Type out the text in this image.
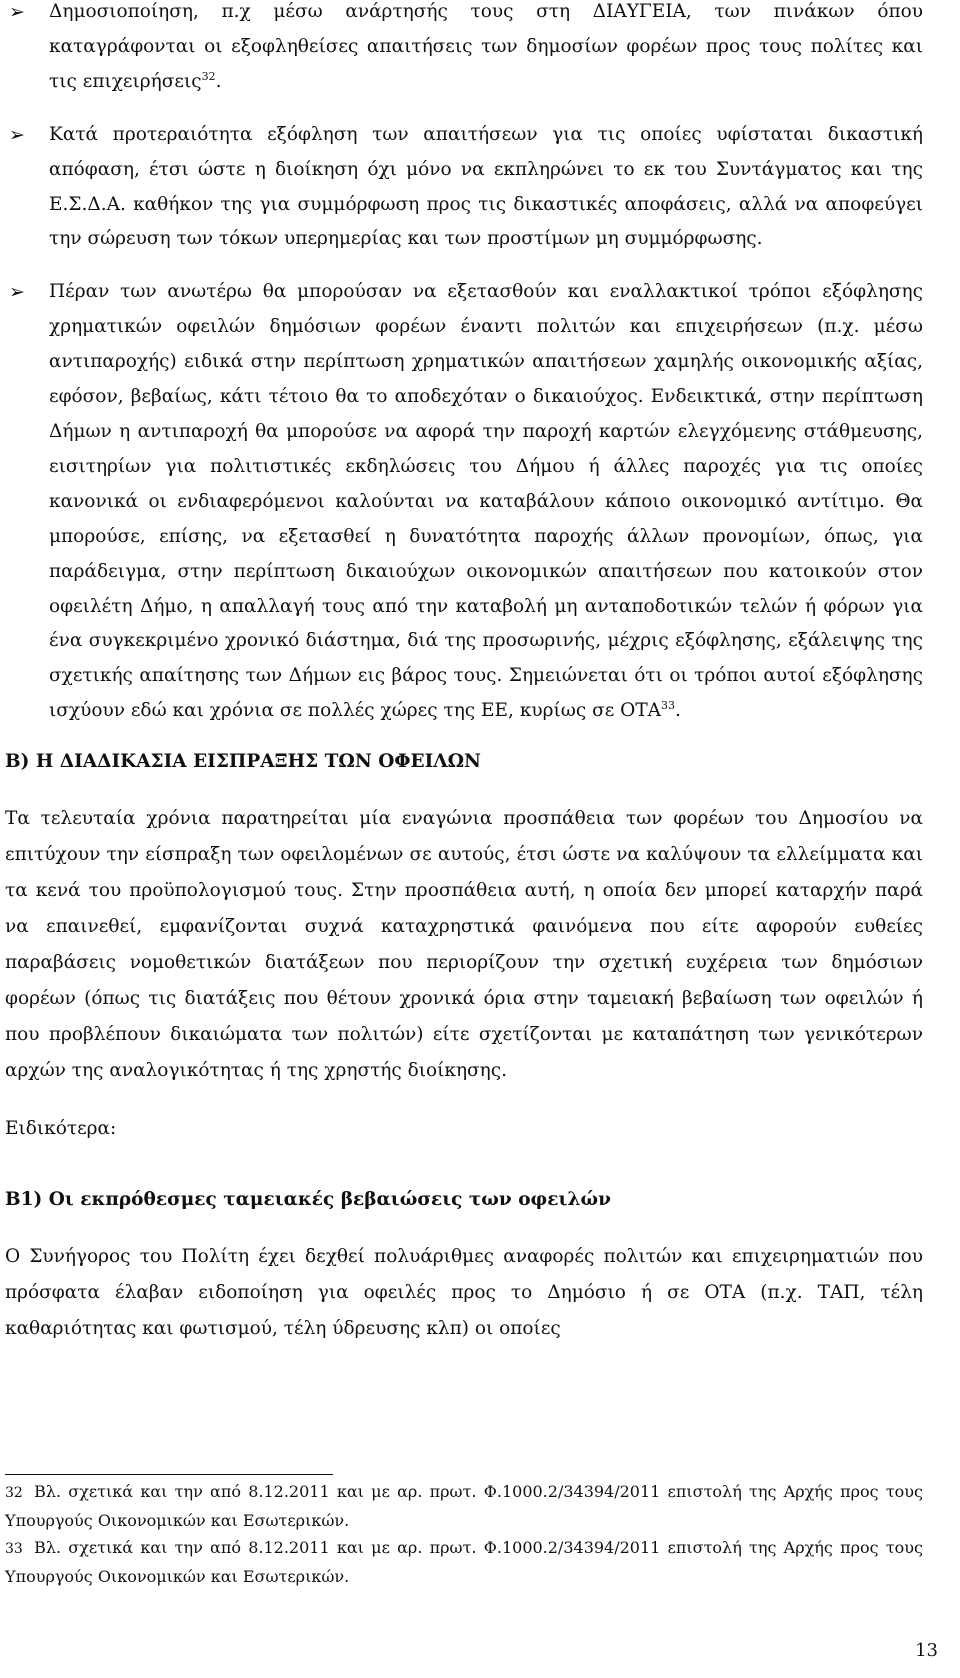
➢ Δημοσιοποίηση, π.χ μέσω ανάρτησής τους στη ΔΙΑΥΓΕΙΑ, των πινάκων όπου καταγράφονται οι εξοφληθείσες απαιτήσεις των δημοσίων φορέων προς τους πολίτες και τις επιχειρήσεις$^{32}$.
➢ Κατά προτεραιότητα εξόφληση των απαιτήσεων για τις οποίες υφίσταται δικαστική απόφαση, έτσι ώστε η διοίκηση όχι μόνο να εκπληρώνει το εκ του Συντάγματος και της Ε.Σ.Δ.Α. καθήκον της για συμμόρφωση προς τις δικαστικές αποφάσεις, αλλά να αποφεύγει την σώρευση των τόκων υπερημερίας και των προστίμων μη συμμόρφωσης.
➢ Πέραν των ανωτέρω θα μπορούσαν να εξετασθούν και εναλλακτικοί τρόποι εξόφλησης χρηματικών οφειλών δημόσιων φορέων έναντι πολιτών και επιχειρήσεων (π.χ. μέσω αντιπαροχής) ειδικά στην περίπτωση χρηματικών απαιτήσεων χαμηλής οικονομικής αξίας, εφόσον, βεβαίως, κάτι τέτοιο θα το αποδεχόταν ο δικαιούχος. Ενδεικτικά, στην περίπτωση Δήμων η αντιπαροχή θα μπορούσε να αφορά την παροχή καρτών ελεγχόμενης στάθμευσης, εισιτηρίων για πολιτιστικές εκδηλώσεις του Δήμου ή άλλες παροχές για τις οποίες κανονικά οι ενδιαφερόμενοι καλούνται να καταβάλουν κάποιο οικονομικό αντίτιμο. Θα μπορούσε, επίσης, να εξετασθεί η δυνατότητα παροχής άλλων προνομίων, όπως, για παράδειγμα, στην περίπτωση δικαιούχων οικονομικών απαιτήσεων που κατοικούν στον οφειλέτη Δήμο, η απαλλαγή τους από την καταβολή μη ανταποδοτικών τελών ή φόρων για ένα συγκεκριμένο χρονικό διάστημα, διά της προσωρινής, μέχρις εξόφλησης, εξάλειψης της σχετικής απαίτησης των Δήμων εις βάρος τους. Σημειώνεται ότι οι τρόποι αυτοί εξόφλησης ισχύουν εδώ και χρόνια σε πολλές χώρες της ΕΕ, κυρίως σε ΟΤΑ$^{33}$.
Β) Η ΔΙΑΔΙΚΑΣΙΑ ΕΙΣΠΡΑΞΗΣ ΤΩΝ ΟΦΕΙΛΩΝ

Τα τελευταία χρόνια παρατηρείται μία εναγώνια προσπάθεια των φορέων του Δημοσίου να επιτύχουν την είσπραξη των οφειλομένων σε αυτούς, έτσι ώστε να καλύψουν τα ελλείμματα και τα κενά του προϋπολογισμού τους. Στην προσπάθεια αυτή, η οποία δεν μπορεί καταρχήν παρά να επαινεθεί, εμφανίζονται συχνά καταχρηστικά φαινόμενα που είτε αφορούν ευθείες παραβάσεις νομοθετικών διατάξεων που περιορίζουν την σχετική ευχέρεια των δημόσιων φορέων (όπως τις διατάξεις που θέτουν χρονικά όρια στην ταμειακή βεβαίωση των οφειλών ή που προβλέπουν δικαιώματα των πολιτών) είτε σχετίζονται με καταπάτηση των γενικότερων αρχών της αναλογικότητας ή της χρηστής διοίκησης.

Ειδικότερα:

Β1) Οι εκπρόθεσμες ταμειακές βεβαιώσεις των οφειλών

Ο Συνήγορος του Πολίτη έχει δεχθεί πολυάριθμες αναφορές πολιτών και επιχειρηματιών που πρόσφατα έλαβαν ειδοποίηση για οφειλές προς το Δημόσιο ή σε ΟΤΑ (π.χ. ΤΑΠ, τέλη καθαριότητας και φωτισμού, τέλη ύδρευσης κλπ) οι οποίες

32 Βλ. σχετικά και την από 8.12.2011 και με αρ. πρωτ. Φ.1000.2/34394/2011 επιστολή της Αρχής προς τους Υπουργούς Οικονομικών και Εσωτερικών.

33 Βλ. σχετικά και την από 8.12.2011 και με αρ. πρωτ. Φ.1000.2/34394/2011 επιστολή της Αρχής προς τους Υπουργούς Οικονομικών και Εσωτερικών.

13
